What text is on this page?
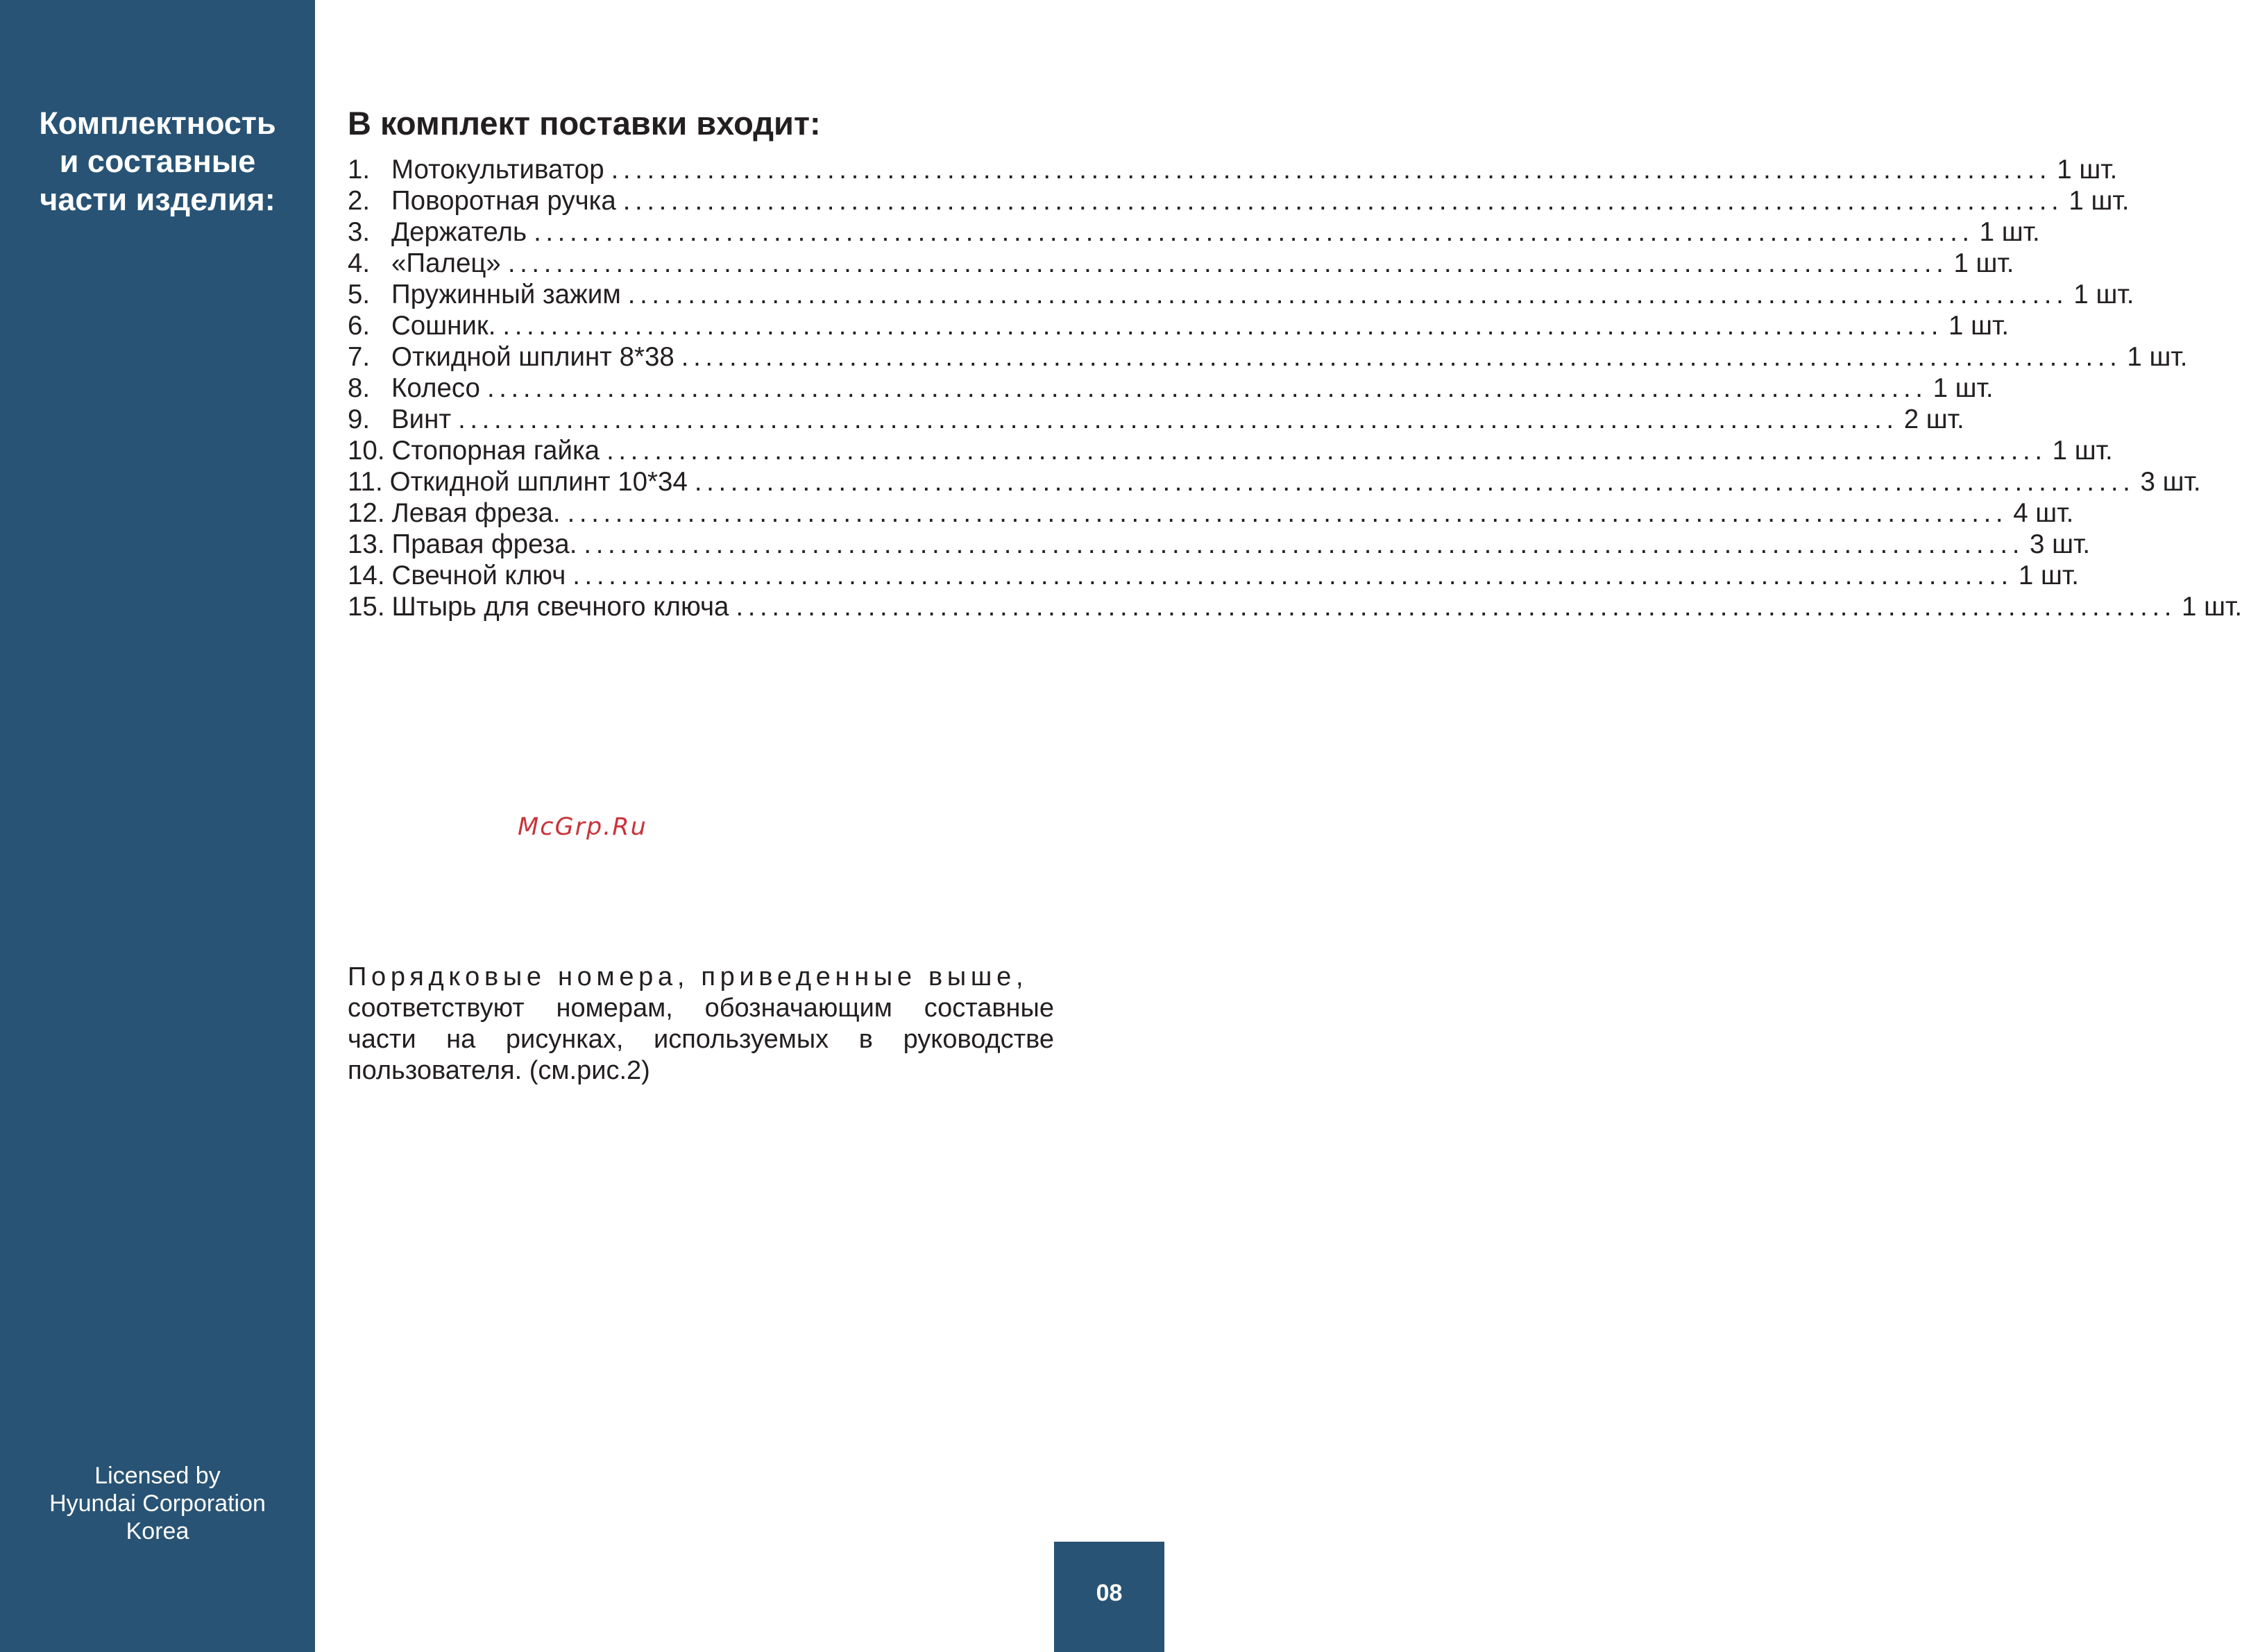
Комплектность
и составные
части изделия:
Licensed by
Hyundai Corporation
Korea
В комплект поставки входит:
1. Мотокультиватор ........................................................................................................................ 1 шт.
2. Поворотная ручка ........................................................................................................................ 1 шт.
3. Держатель ........................................................................................................................ 1 шт.
4. «Палец» ........................................................................................................................ 1 шт.
5. Пружинный зажим ........................................................................................................................ 1 шт.
6. Сошник. ........................................................................................................................ 1 шт.
7. Откидной шплинт 8*38 ........................................................................................................................ 1 шт.
8. Колесо ........................................................................................................................ 1 шт.
9. Винт ........................................................................................................................ 2 шт.
10. Стопорная гайка ........................................................................................................................ 1 шт.
11. Откидной шплинт 10*34 ........................................................................................................................ 3 шт.
12. Левая фреза. ........................................................................................................................ 4 шт.
13. Правая фреза. ........................................................................................................................ 3 шт.
14. Свечной ключ ........................................................................................................................ 1 шт.
15. Штырь для свечного ключа ........................................................................................................................ 1 шт.
McGrp.Ru
Порядковые номера, приведенные выше,
соответствуют номерам, обозначающим составные
части на рисунках, используемых в руководстве
пользователя. (см.рис.2)
08
